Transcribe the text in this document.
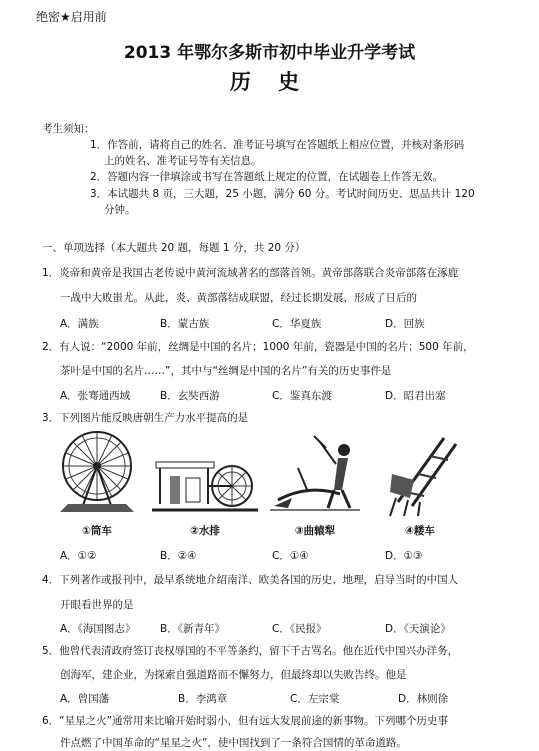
绝密★启用前
2013 年鄂尔多斯市初中毕业升学考试
历 史
考生须知：
1．作答前，请将自己的姓名、准考证号填写在答题纸上相应位置，并核对条形码
上的姓名、准考证号等有关信息。
2．答题内容一律填涂或书写在答题纸上规定的位置，在试题卷上作答无效。
3．本试题共 8 页，三大题，25 小题，满分 60 分。考试时间历史、思品共计 120
分钟。
一、单项选择（本大题共 20 题，每题 1 分，共 20 分）
1．炎帝和黄帝是我国古老传说中黄河流域著名的部落首领。黄帝部落联合炎帝部落在涿鹿
一战中大败蚩尤。从此，炎、黄部落结成联盟，经过长期发展，形成了日后的
A．满族	B．蒙古族	C．华夏族	D．回族
2．有人说：“2000 年前，丝绸是中国的名片；1000 年前，瓷器是中国的名片；500 年前，
茶叶是中国的名片……”，其中与“丝绸是中国的名片”有关的历史事件是
A．张骞通西域	B．玄奘西游	C．鉴真东渡	D．昭君出塞
3．下列图片能反映唐朝生产力水平提高的是
①筒车	②水排	③曲辕犁	④耧车
A．①②	B．②④	C．①④	D．①③
4．下列著作或报刊中，最早系统地介绍南洋、欧美各国的历史、地理，启导当时的中国人
开眼看世界的是
A．《海国图志》 B．《新青年》	C．《民报》	D．《天演论》
5．他曾代表清政府签订丧权辱国的不平等条约，留下千古骂名。他在近代中国兴办洋务，
创海军，建企业，为探索自强道路而不懈努力，但最终却以失败告终。他是
A．曾国藩	B．李鸿章	C．左宗棠	D．林则徐
6．“星星之火”通常用来比喻开始时弱小，但有远大发展前途的新事物。下列哪个历史事
件点燃了中国革命的“星星之火”，使中国找到了一条符合国情的革命道路。
